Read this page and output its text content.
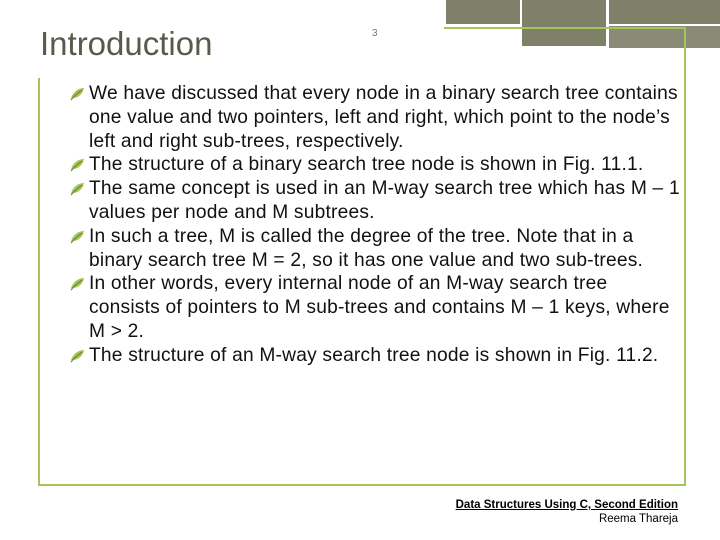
Introduction	3
We have discussed that every node in a binary search tree contains one value and two pointers, left and right, which point to the node’s left and right sub-trees, respectively.
The structure of a binary search tree node is shown in Fig. 11.1.
The same concept is used in an M-way search tree which has M – 1 values per node and M subtrees.
In such a tree, M is called the degree of the tree. Note that in a binary search tree M = 2, so it has one value and two sub-trees.
In other words, every internal node of an M-way search tree consists of pointers to M sub-trees and contains M – 1 keys, where M > 2.
The structure of an M-way search tree node is shown in Fig. 11.2.
Data Structures Using C, Second Edition
Reema Thareja
